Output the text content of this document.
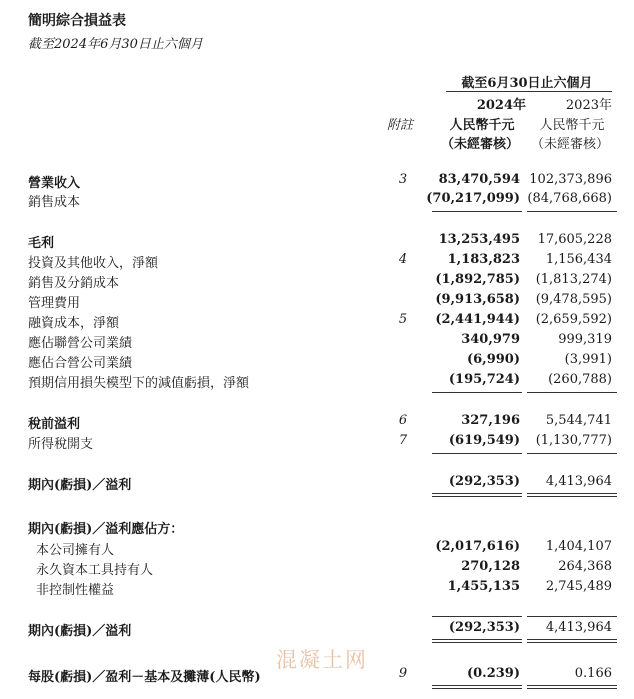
簡明綜合損益表
截至2024年6月30日止六個月
截至6月30日止六個月
2024年	2023年
附註	人民幣千元	人民幣千元
（未經審核） （未經審核）
營業收入	3	83,470,594 102,373,896
銷售成本	(70,217,099) (84,768,668)
毛利	13,253,495	17,605,228
投資及其他收入，淨額	4	1,183,823	1,156,434
銷售及分銷成本	(1,892,785)	(1,813,274)
管理費用	(9,913,658)	(9,478,595)
融資成本，淨額	5	(2,441,944)	(2,659,592)
應佔聯營公司業績	340,979	999,319
應佔合營公司業績	(6,990)	(3,991)
預期信用損失模型下的減值虧損，淨額	(195,724)	(260,788)
稅前溢利	6	327,196	5,544,741
所得稅開支	7	(619,549)	(1,130,777)
期內(虧損)／溢利	(292,353)	4,413,964
期內(虧損)／溢利應佔方：
本公司擁有人	(2,017,616)	1,404,107
永久資本工具持有人	270,128	264,368
非控制性權益	1,455,135	2,745,489
期內(虧損)／溢利	(292,353)	4,413,964
每股(虧損)／盈利－基本及攤薄(人民幣)	9	(0.239)	0.166
混凝土网
